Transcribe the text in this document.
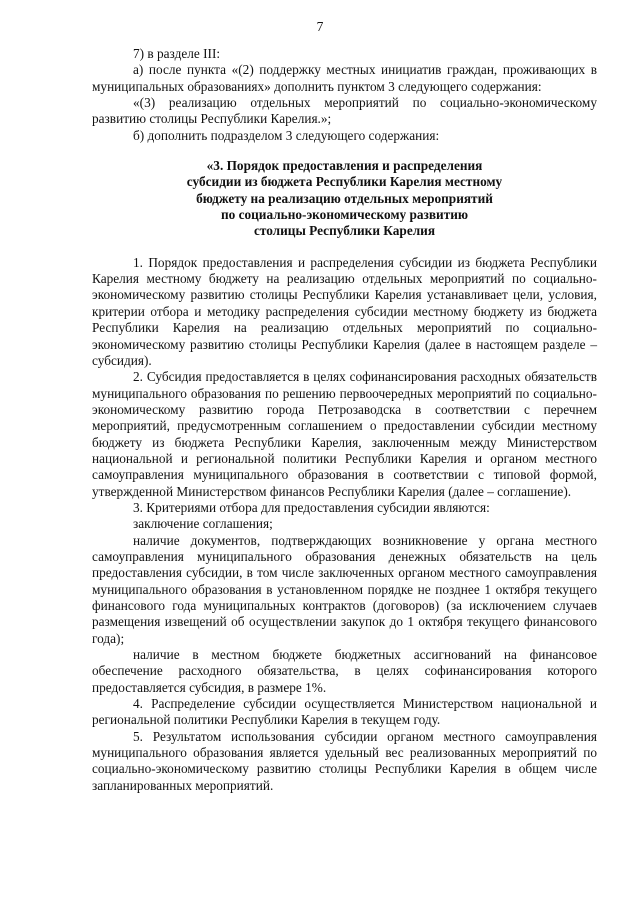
7

7) в разделе III:

а) после пункта «(2) поддержку местных инициатив граждан, проживающих в муниципальных образованиях» дополнить пунктом 3 следующего содержания:

«(3) реализацию отдельных мероприятий по социально-экономическому развитию столицы Республики Карелия.»;

б) дополнить подразделом 3 следующего содержания:

«3. Порядок предоставления и распределения
субсидии из бюджета Республики Карелия местному
бюджету на реализацию отдельных мероприятий
по социально-экономическому развитию
столицы Республики Карелия

1. Порядок предоставления и распределения субсидии из бюджета Республики Карелия местному бюджету на реализацию отдельных мероприятий по социально-экономическому развитию столицы Республики Карелия устанавливает цели, условия, критерии отбора и методику распределения субсидии местному бюджету из бюджета Республики Карелия на реализацию отдельных мероприятий по социально-экономическому развитию столицы Республики Карелия (далее в настоящем разделе – субсидия).

2. Субсидия предоставляется в целях софинансирования расходных обязательств муниципального образования по решению первоочередных мероприятий по социально-экономическому развитию города Петрозаводска в соответствии с перечнем мероприятий, предусмотренным соглашением о предоставлении субсидии местному бюджету из бюджета Республики Карелия, заключенным между Министерством национальной и региональной политики Республики Карелия и органом местного самоуправления муниципального образования в соответствии с типовой формой, утвержденной Министерством финансов Республики Карелия (далее – соглашение).

3. Критериями отбора для предоставления субсидии являются:

заключение соглашения;

наличие документов, подтверждающих возникновение у органа местного самоуправления муниципального образования денежных обязательств на цель предоставления субсидии, в том числе заключенных органом местного самоуправления муниципального образования в установленном порядке не позднее 1 октября текущего финансового года муниципальных контрактов (договоров) (за исключением случаев размещения извещений об осуществлении закупок до 1 октября текущего финансового года);

наличие в местном бюджете бюджетных ассигнований на финансовое обеспечение расходного обязательства, в целях софинансирования которого предоставляется субсидия, в размере 1%.

4. Распределение субсидии осуществляется Министерством национальной и региональной политики Республики Карелия в текущем году.

5. Результатом использования субсидии органом местного самоуправления муниципального образования является удельный вес реализованных мероприятий по социально-экономическому развитию столицы Республики Карелия в общем числе запланированных мероприятий.
